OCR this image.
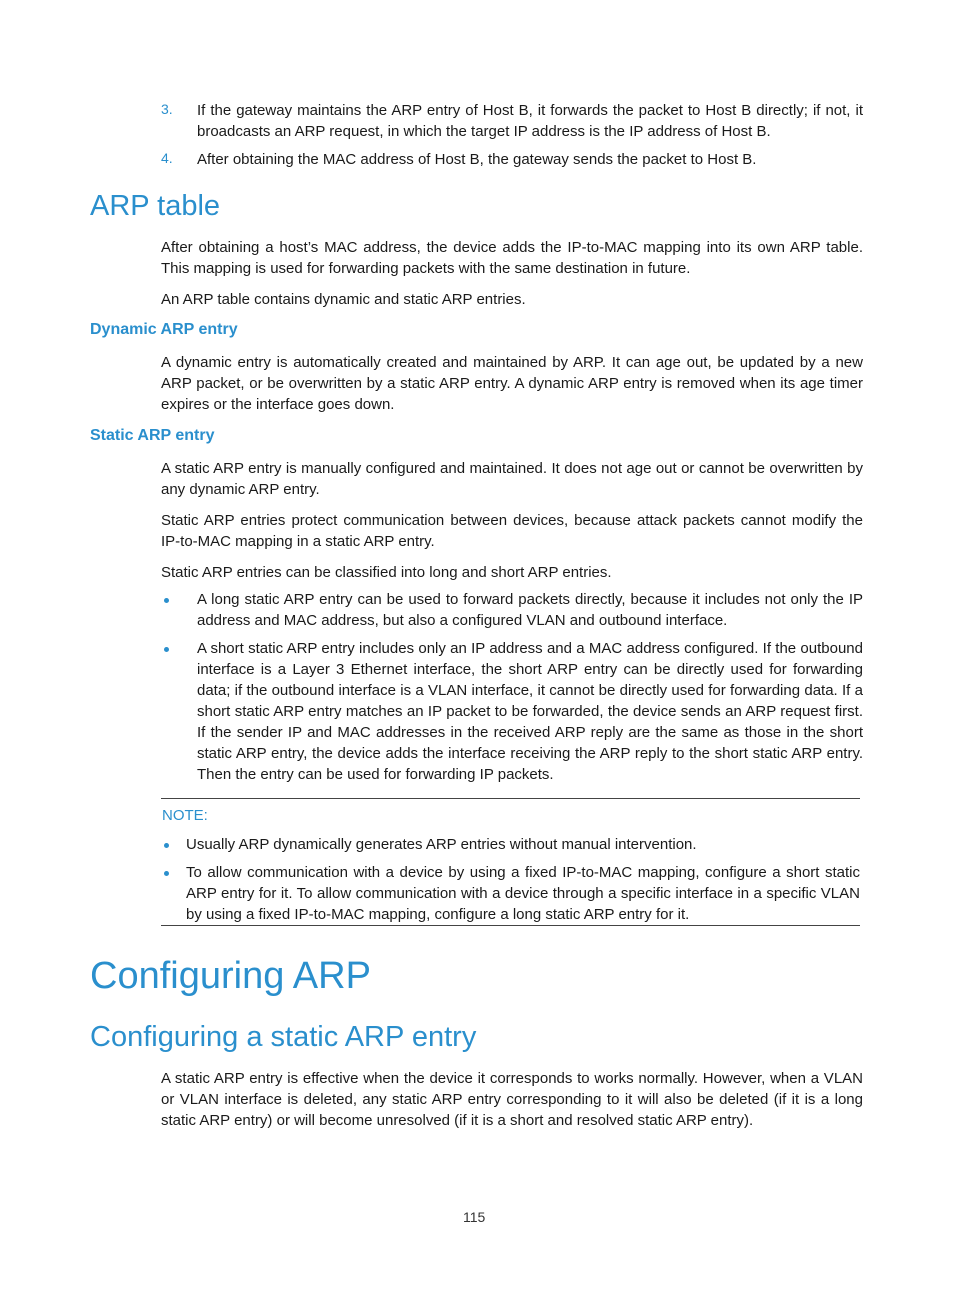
3. If the gateway maintains the ARP entry of Host B, it forwards the packet to Host B directly; if not, it broadcasts an ARP request, in which the target IP address is the IP address of Host B.
4. After obtaining the MAC address of Host B, the gateway sends the packet to Host B.
ARP table
After obtaining a host’s MAC address, the device adds the IP-to-MAC mapping into its own ARP table. This mapping is used for forwarding packets with the same destination in future.
An ARP table contains dynamic and static ARP entries.
Dynamic ARP entry
A dynamic entry is automatically created and maintained by ARP. It can age out, be updated by a new ARP packet, or be overwritten by a static ARP entry. A dynamic ARP entry is removed when its age timer expires or the interface goes down.
Static ARP entry
A static ARP entry is manually configured and maintained. It does not age out or cannot be overwritten by any dynamic ARP entry.
Static ARP entries protect communication between devices, because attack packets cannot modify the IP-to-MAC mapping in a static ARP entry.
Static ARP entries can be classified into long and short ARP entries.
A long static ARP entry can be used to forward packets directly, because it includes not only the IP address and MAC address, but also a configured VLAN and outbound interface.
A short static ARP entry includes only an IP address and a MAC address configured. If the outbound interface is a Layer 3 Ethernet interface, the short ARP entry can be directly used for forwarding data; if the outbound interface is a VLAN interface, it cannot be directly used for forwarding data. If a short static ARP entry matches an IP packet to be forwarded, the device sends an ARP request first. If the sender IP and MAC addresses in the received ARP reply are the same as those in the short static ARP entry, the device adds the interface receiving the ARP reply to the short static ARP entry. Then the entry can be used for forwarding IP packets.
NOTE:
Usually ARP dynamically generates ARP entries without manual intervention.
To allow communication with a device by using a fixed IP-to-MAC mapping, configure a short static ARP entry for it. To allow communication with a device through a specific interface in a specific VLAN by using a fixed IP-to-MAC mapping, configure a long static ARP entry for it.
Configuring ARP
Configuring a static ARP entry
A static ARP entry is effective when the device it corresponds to works normally. However, when a VLAN or VLAN interface is deleted, any static ARP entry corresponding to it will also be deleted (if it is a long static ARP entry) or will become unresolved (if it is a short and resolved static ARP entry).
115
